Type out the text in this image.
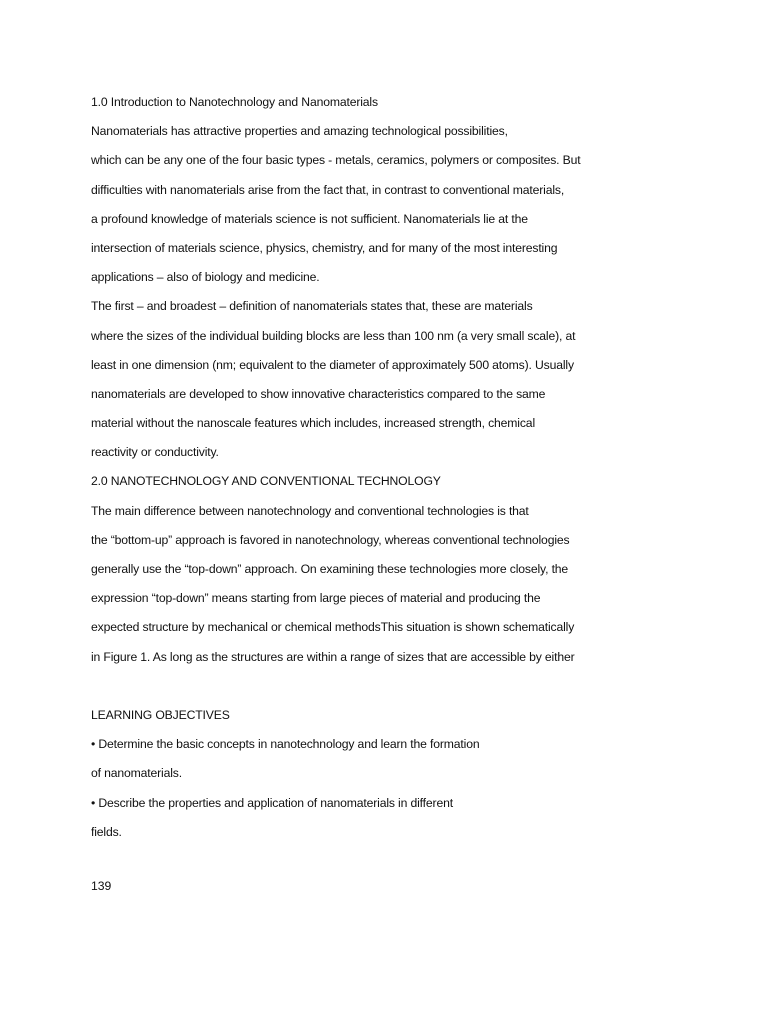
1.0 Introduction to Nanotechnology and Nanomaterials
Nanomaterials has attractive properties and amazing technological possibilities,
which can be any one of the four basic types - metals, ceramics, polymers or composites. But
difficulties with nanomaterials arise from the fact that, in contrast to conventional materials,
a profound knowledge of materials science is not sufficient. Nanomaterials lie at the
intersection of materials science, physics, chemistry, and for many of the most interesting
applications – also of biology and medicine.
The first – and broadest – definition of nanomaterials states that, these are materials
where the sizes of the individual building blocks are less than 100 nm (a very small scale), at
least in one dimension (nm; equivalent to the diameter of approximately 500 atoms). Usually
nanomaterials are developed to show innovative characteristics compared to the same
material without the nanoscale features which includes, increased strength, chemical
reactivity or conductivity.
2.0 NANOTECHNOLOGY AND CONVENTIONAL TECHNOLOGY
The main difference between nanotechnology and conventional technologies is that
the “bottom-up” approach is favored in nanotechnology, whereas conventional technologies
generally use the “top-down” approach. On examining these technologies more closely, the
expression “top-down” means starting from large pieces of material and producing the
expected structure by mechanical or chemical methodsThis situation is shown schematically
in Figure 1. As long as the structures are within a range of sizes that are accessible by either
LEARNING OBJECTIVES
• Determine the basic concepts in nanotechnology and learn the formation
of nanomaterials.
• Describe the properties and application of nanomaterials in different
fields.
139
